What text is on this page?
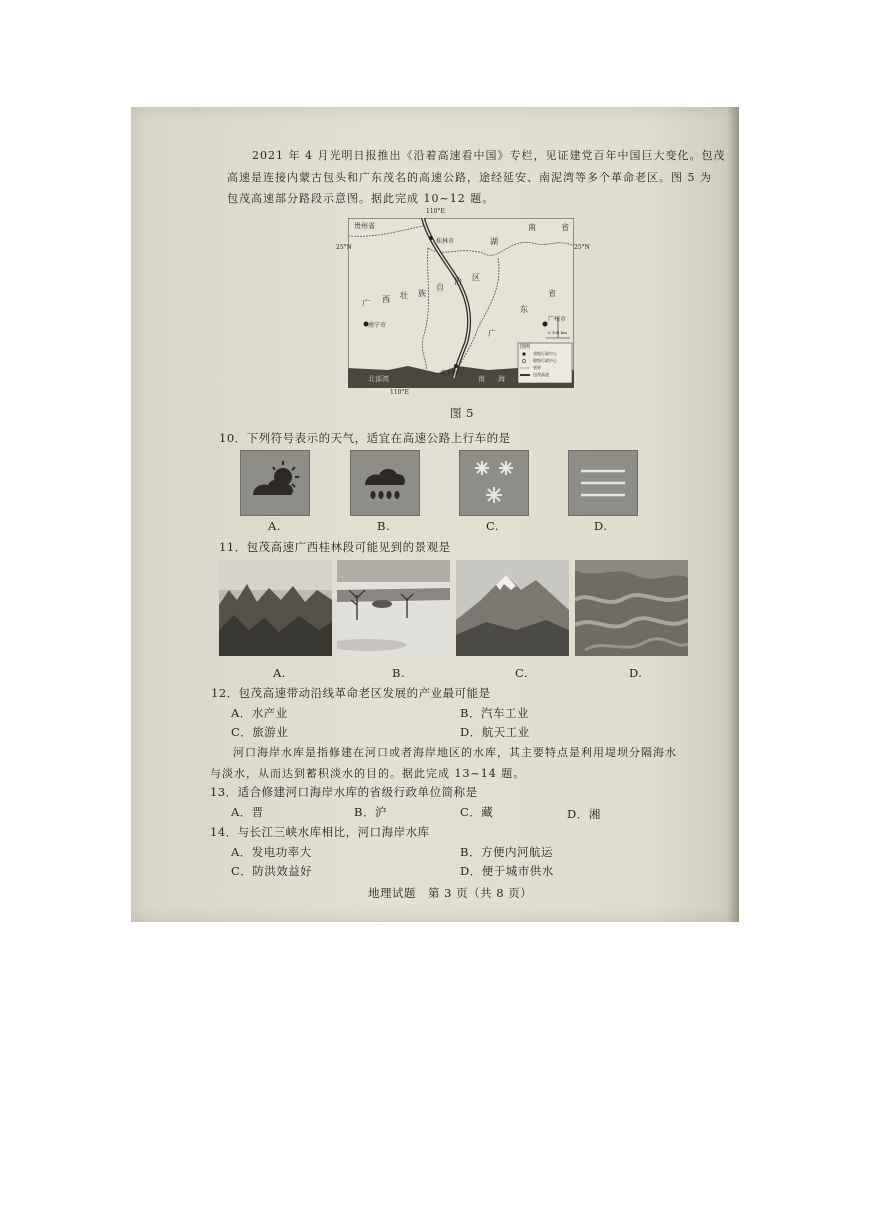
2021 年 4 月光明日报推出《沿着高速看中国》专栏，见证建党百年中国巨大变化。包茂
高速是连接内蒙古包头和广东茂名的高速公路，途经延安、南泥湾等多个革命老区。图 5 为
包茂高速部分路段示意图。据此完成 10~12 题。
110°E
110°E
25°N	25°N
贵州省
湖
南	省
桂林市
广 西 壮 族
自
治 区
南宁市
广
东
省
广州市
茂名市
北部湾	南 海
图例
省级行政中心
地级行政中心
省界
包茂高速
0 100 km
图 5
10．下列符号表示的天气，适宜在高速公路上行车的是
A.	B.	C.	D.
11．包茂高速广西桂林段可能见到的景观是
A.	B.	C.	D.
12．包茂高速带动沿线革命老区发展的产业最可能是
A．水产业	B．汽车工业
C．旅游业	D．航天工业
河口海岸水库是指修建在河口或者海岸地区的水库，其主要特点是利用堤坝分隔海水
与淡水，从而达到蓄积淡水的目的。据此完成 13~14 题。
13．适合修建河口海岸水库的省级行政单位简称是
A．晋	B．沪	C．藏	D．湘
14．与长江三峡水库相比，河口海岸水库
A．发电功率大	B．方便内河航运
C．防洪效益好	D．便于城市供水
地理试题　第 3 页（共 8 页）
